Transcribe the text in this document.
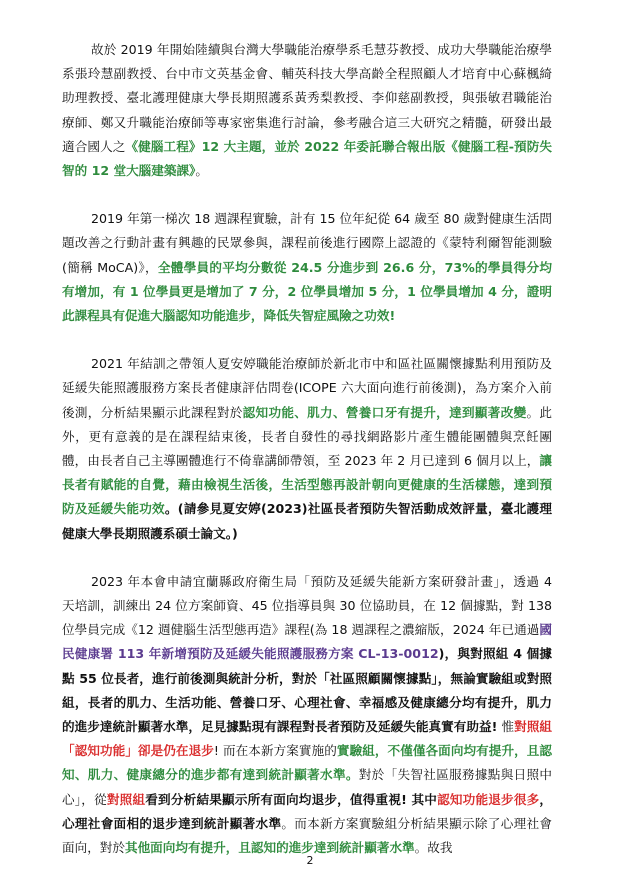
故於 2019 年開始陸續與台灣大學職能治療學系毛慧芬教授、成功大學職能治療學系張玲慧副教授、台中市文英基金會、輔英科技大學高齡全程照顧人才培育中心蘇楓綺助理教授、臺北護理健康大學長期照護系黃秀梨教授、李仰慈副教授，與張敏君職能治療師、鄭又升職能治療師等專家密集進行討論，參考融合這三大研究之精髓，研發出最適合國人之《健腦工程》12 大主題，並於 2022 年委託聯合報出版《健腦工程-預防失智的 12 堂大腦建築課》。

2019 年第一梯次 18 週課程實驗，計有 15 位年紀從 64 歲至 80 歲對健康生活問題改善之行動計畫有興趣的民眾參與，課程前後進行國際上認證的《蒙特利爾智能測驗(簡稱 MoCA)》，全體學員的平均分數從 24.5 分進步到 26.6 分，73%的學員得分均有增加，有 1 位學員更是增加了 7 分，2 位學員增加 5 分，1 位學員增加 4 分，證明此課程具有促進大腦認知功能進步，降低失智症風險之功效!

2021 年結訓之帶領人夏安婷職能治療師於新北市中和區社區關懷據點利用預防及延緩失能照護服務方案長者健康評估問卷(ICOPE 六大面向進行前後測)，為方案介入前後測，分析結果顯示此課程對於認知功能、肌力、營養口牙有提升，達到顯著改變。此外，更有意義的是在課程結束後，長者自發性的尋找網路影片產生體能團體與烹飪團體，由長者自己主導團體進行不倚靠講師帶領，至 2023 年 2 月已達到 6 個月以上，讓長者有賦能的自覺，藉由檢視生活後，生活型態再設計朝向更健康的生活樣態，達到預防及延緩失能功效。(請參見夏安婷(2023)社區長者預防失智活動成效評量，臺北護理健康大學長期照護系碩士論文。)

2023 年本會申請宜蘭縣政府衛生局「預防及延緩失能新方案研發計畫」，透過 4 天培訓，訓練出 24 位方案師資、45 位指導員與 30 位協助員，在 12 個據點，對 138 位學員完成《12 週健腦生活型態再造》課程(為 18 週課程之濃縮版，2024 年已通過國民健康署 113 年新增預防及延緩失能照護服務方案 CL-13-0012)，與對照組 4 個據點 55 位長者，進行前後測與統計分析，對於「社區照顧關懷據點」，無論實驗組或對照組，長者的肌力、生活功能、營養口牙、心理社會、幸福感及健康總分均有提升，肌力的進步達統計顯著水準，足見據點現有課程對長者預防及延緩失能真實有助益! 惟對照組「認知功能」卻是仍在退步! 而在本新方案實施的實驗組，不僅僅各面向均有提升，且認知、肌力、健康總分的進步都有達到統計顯著水準。對於「失智社區服務據點與日照中心」，從對照組看到分析結果顯示所有面向均退步，值得重視! 其中認知功能退步很多，心理社會面相的退步達到統計顯著水準。而本新方案實驗組分析結果顯示除了心理社會面向，對於其他面向均有提升，且認知的進步達到統計顯著水準。故我

2
